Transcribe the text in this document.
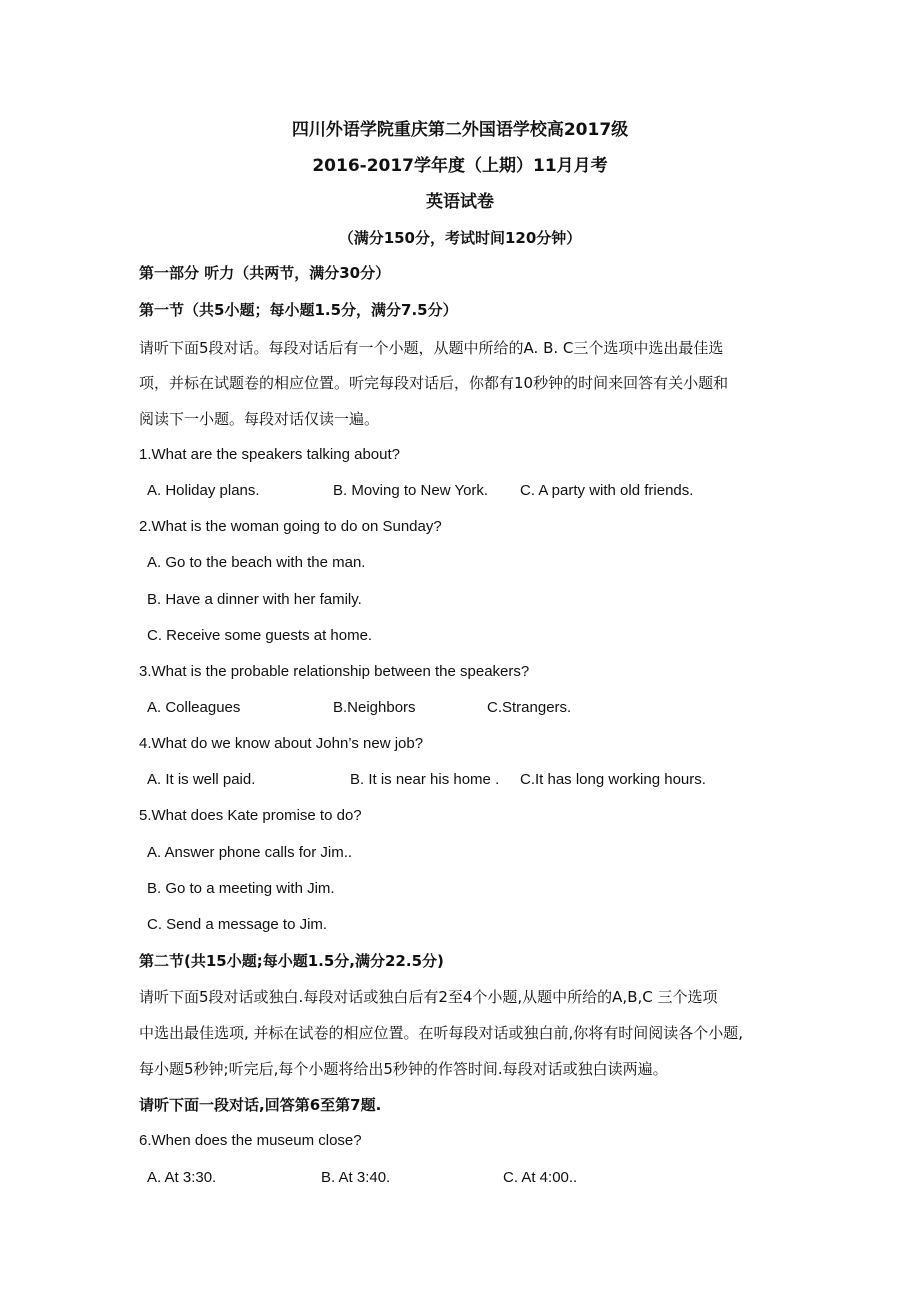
四川外语学院重庆第二外国语学校高2017级
2016-2017学年度（上期）11月月考
英语试卷
（满分150分，考试时间120分钟）
第一部分 听力（共两节，满分30分）
第一节（共5小题；每小题1.5分，满分7.5分）
请听下面5段对话。每段对话后有一个小题，从题中所给的A. B. C三个选项中选出最佳选
项，并标在试题卷的相应位置。听完每段对话后，你都有10秒钟的时间来回答有关小题和
阅读下一小题。每段对话仅读一遍。
1.What are the speakers talking about?
A. Holiday plans.	B. Moving to New York. C. A party with old friends.
2.What is the woman going to do on Sunday?
A. Go to the beach with the man.
B. Have a dinner with her family.
C. Receive some guests at home.
3.What is the probable relationship between the speakers?
A. Colleagues	B.Neighbors	C.Strangers.
4.What do we know about John’s new job?
A. It is well paid.	B. It is near his home . C.It has long working hours.
5.What does Kate promise to do?
A. Answer phone calls for Jim..
B. Go to a meeting with Jim.
C. Send a message to Jim.
第二节(共15小题;每小题1.5分,满分22.5分)
请听下面5段对话或独白.每段对话或独白后有2至4个小题,从题中所给的A,B,C 三个选项
中选出最佳选项, 并标在试卷的相应位置。在听每段对话或独白前,你将有时间阅读各个小题,
每小题5秒钟;听完后,每个小题将给出5秒钟的作答时间.每段对话或独白读两遍。
请听下面一段对话,回答第6至第7题.
6.When does the museum close?
A. At 3:30.	B. At 3:40.	C. At 4:00..
